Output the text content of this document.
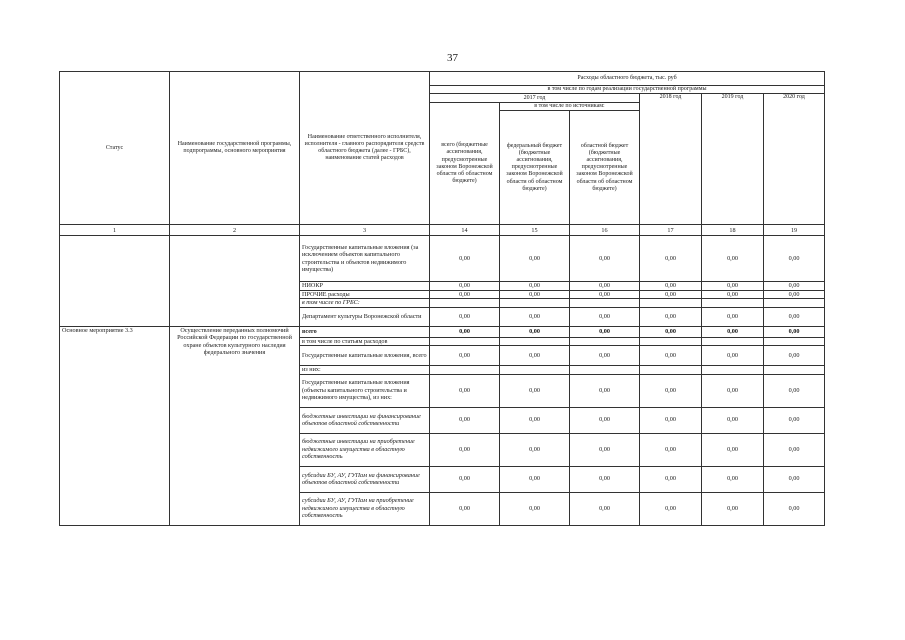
37
Статус	Наименование государственной программы, подпрограммы, основного мероприятия	Наименование ответственного исполнителя, исполнителя - главного распорядителя средств областного бюджета (далее - ГРБС), наименование статей расходов	Расходы областного бюджета, тыс. руб					
			в том числе по годам реализации государственной программы					
			2017 год			2018 год	2019 год	2020 год
			всего (бюджетные ассигнования, предусмотренные законом Воронежской области об областном бюджете)	в том числе по источникам:				
				федеральный бюджет (бюджетные ассигнования, предусмотренные законом Воронежской области об областном бюджете)	областной бюджет (бюджетные ассигнования, предусмотренные законом Воронежской области об областном бюджете)			
1	2	3	14	15	16	17	18	19
		Государственные капитальные вложения (за исключением объектов капитального строительства и объектов недвижимого имущества)	0,00	0,00	0,00	0,00	0,00	0,00
		НИОКР	0,00	0,00	0,00	0,00	0,00	0,00
		ПРОЧИЕ расходы	0,00	0,00	0,00	0,00	0,00	0,00
		в том числе по ГРБС:						
		Департамент культуры Воронежской области	0,00	0,00	0,00	0,00	0,00	0,00
Основное мероприятие 3.3	Осуществление переданных полномочий Российской Федерации по государственной охране объектов культурного наследия федерального значения	всего	0,00	0,00	0,00	0,00	0,00	0,00
		в том числе по статьям расходов						
		Государственные капитальные вложения, всего	0,00	0,00	0,00	0,00	0,00	0,00
		из них:						
		Государственные капитальные вложения (объекты капитального строительства и недвижимого имущества), из них:	0,00	0,00	0,00	0,00	0,00	0,00
		бюджетные инвестиции на финансирование объектов областной собственности	0,00	0,00	0,00	0,00	0,00	0,00
		бюджетные инвестиции на приобретение недвижимого имущества в областную собственность	0,00	0,00	0,00	0,00	0,00	0,00
		субсидии БУ, АУ, ГУПам на финансирование объектов областной собственности	0,00	0,00	0,00	0,00	0,00	0,00
		субсидии БУ, АУ, ГУПам на приобретение недвижимого имущества в областную собственность	0,00	0,00	0,00	0,00	0,00	0,00
